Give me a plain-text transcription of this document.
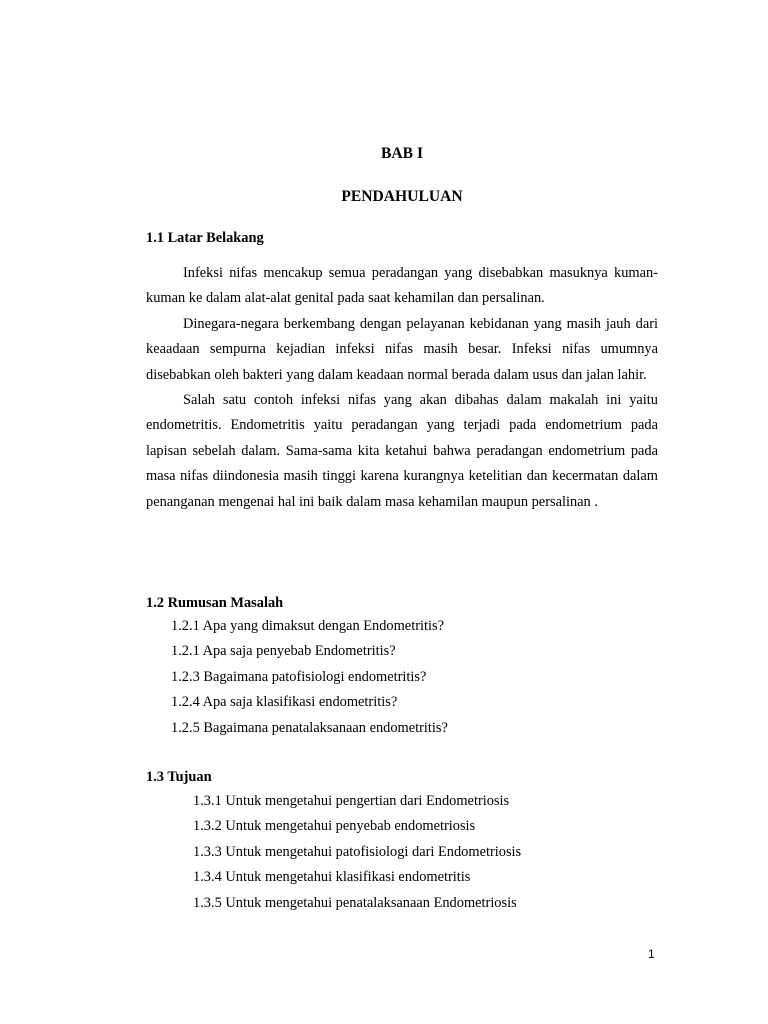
BAB I
PENDAHULUAN
1.1 Latar Belakang

Infeksi nifas mencakup semua peradangan yang disebabkan masuknya kuman-kuman ke dalam alat-alat genital pada saat kehamilan dan persalinan.

Dinegara-negara berkembang dengan pelayanan kebidanan yang masih jauh dari keaadaan sempurna kejadian infeksi nifas masih besar. Infeksi nifas umumnya disebabkan oleh bakteri yang dalam keadaan normal berada dalam usus dan jalan lahir.

Salah satu contoh infeksi nifas yang akan dibahas dalam makalah ini yaitu endometritis. Endometritis yaitu peradangan yang terjadi pada endometrium pada lapisan sebelah dalam. Sama-sama kita ketahui bahwa peradangan endometrium pada masa nifas diindonesia masih tinggi karena kurangnya ketelitian dan kecermatan dalam penanganan mengenai hal ini baik dalam masa kehamilan maupun persalinan .

1.2 Rumusan Masalah
1.2.1 Apa yang dimaksut dengan Endometritis?
1.2.1 Apa saja penyebab Endometritis?
1.2.3 Bagaimana patofisiologi endometritis?
1.2.4 Apa saja klasifikasi endometritis?
1.2.5 Bagaimana penatalaksanaan endometritis?
1.3 Tujuan
1.3.1 Untuk mengetahui pengertian dari Endometriosis
1.3.2 Untuk mengetahui penyebab endometriosis
1.3.3 Untuk mengetahui patofisiologi dari Endometriosis
1.3.4 Untuk mengetahui klasifikasi endometritis
1.3.5 Untuk mengetahui penatalaksanaan Endometriosis
1
